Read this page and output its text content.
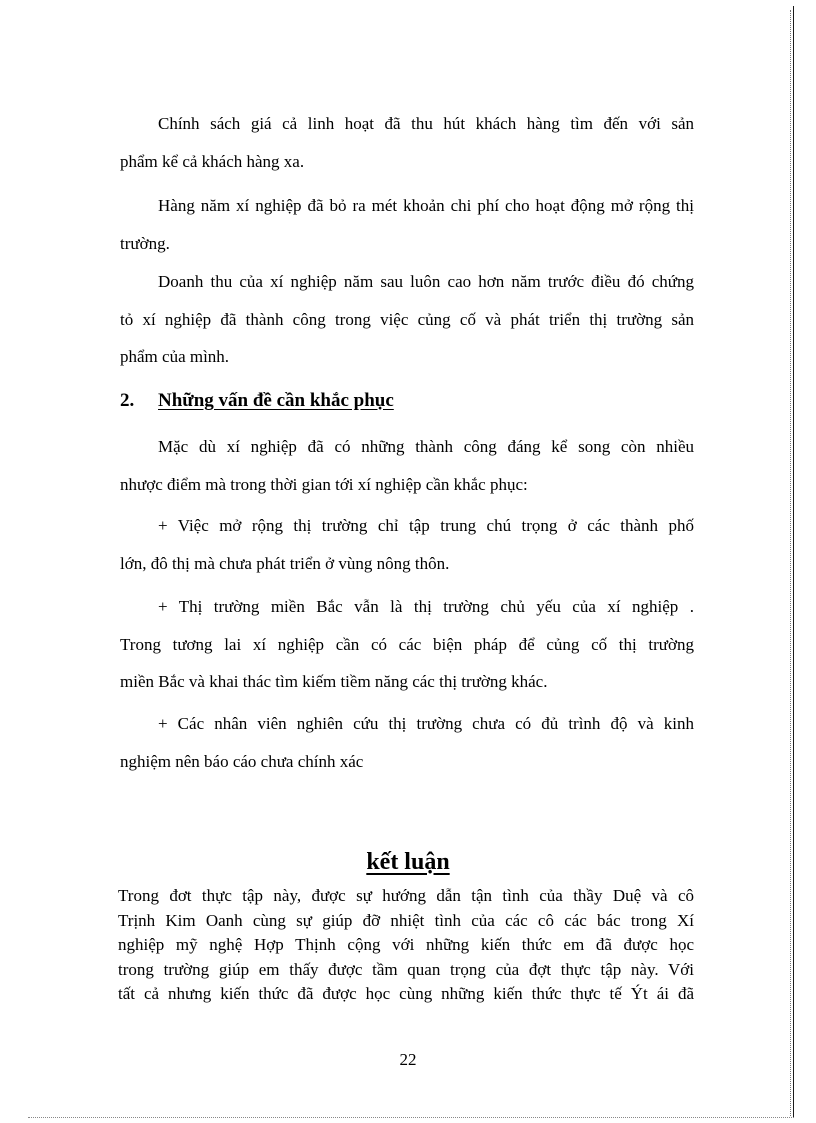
Chính sách giá cả linh hoạt đã thu hút khách hàng tìm đến với sản
phẩm kể cả khách hàng xa.
Hàng năm xí nghiệp đã bỏ ra mét khoản chi phí cho hoạt động mở rộng thị
trường.
Doanh thu của xí nghiệp năm sau luôn cao hơn năm trước điều đó chứng
tỏ xí nghiệp đã thành công trong việc củng cố và phát triển thị trường sản
phẩm của mình.
2. Những vấn đề cần khắc phục
Mặc dù xí nghiệp đã có những thành công đáng kể song còn nhiều
nhược điểm mà trong thời gian tới xí nghiệp cần khắc phục:
+ Việc mở rộng thị trường chỉ tập trung chú trọng ở các thành phố
lớn, đô thị mà chưa phát triển ở vùng nông thôn.
+ Thị trường miền Bắc vẫn là thị trường chủ yếu của xí nghiệp .
Trong tương lai xí nghiệp cần có các biện pháp để củng cố thị trường
miền Bắc và khai thác tìm kiếm tiềm năng các thị trường khác.
+ Các nhân viên nghiên cứu thị trường chưa có đủ trình độ và kinh
nghiệm nên báo cáo chưa chính xác
kết luận
Trong đơt thực tập này, được sự hướng dẫn tận tình của thầy Duệ và cô
Trịnh Kim Oanh cùng sự giúp đỡ nhiệt tình của các cô các bác trong Xí
nghiệp mỹ nghệ Hợp Thịnh cộng với những kiến thức em đã được học
trong trường giúp em thấy được tầm quan trọng của đợt thực tập này. Với
tất cả nhưng kiến thức đã được học cùng những kiến thức thực tế Ýt ái đã
22
